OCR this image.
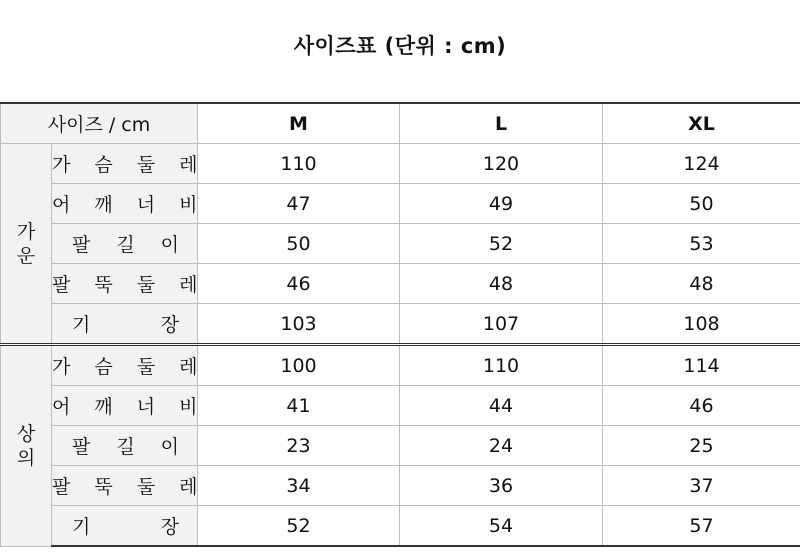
사이즈표 (단위 : cm)
사이즈 / cm		M	L	XL

가
운	가 슴 둘 레	110	120	124
	어 깨 너 비	47	49	50
	팔 길 이	50	52	53
	팔 뚝 둘 레	46	48	48
	기 장	103	107	108

상
의	가 슴 둘 레	100	110	114
	어 깨 너 비	41	44	46
	팔 길 이	23	24	25
	팔 뚝 둘 레	34	36	37
	기 장	52	54	57
